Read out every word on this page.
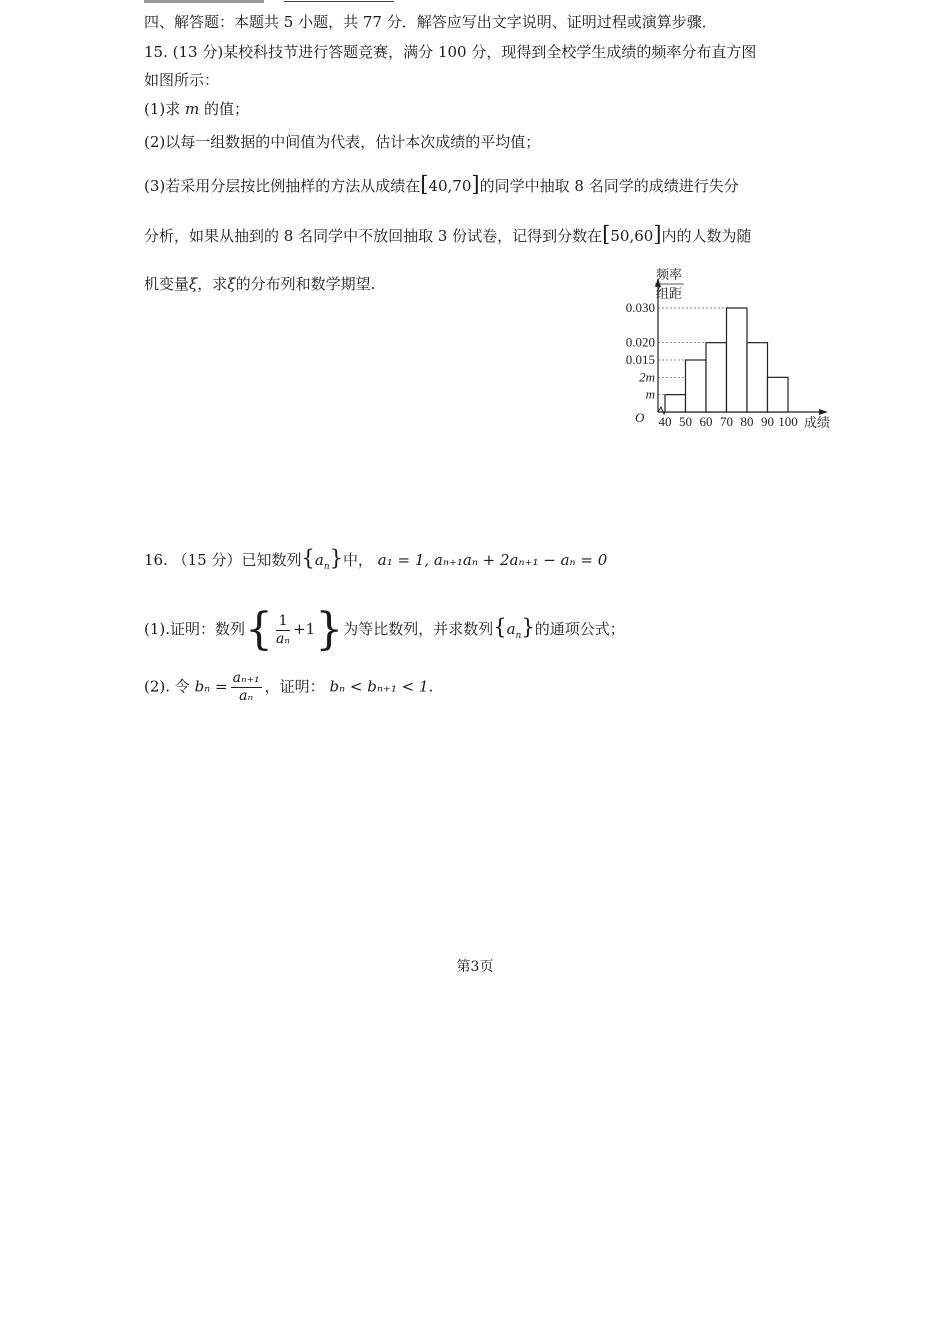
四、解答题：本题共 5 小题，共 77 分．解答应写出文字说明、证明过程或演算步骤．
15. (13 分)某校科技节进行答题竞赛，满分 100 分，现得到全校学生成绩的频率分布直方图
如图所示：
(1)求 m 的值；
(2)以每一组数据的中间值为代表，估计本次成绩的平均值；
(3)若采用分层按比例抽样的方法从成绩在[40,70]的同学中抽取 8 名同学的成绩进行失分
分析，如果从抽到的 8 名同学中不放回抽取 3 份试卷，记得到分数在[50,60]内的人数为随
机变量ξ，求ξ的分布列和数学期望.
频率
组距
O	成绩
0.030
0.020
0.015
2m
m
40 50 60 70 80 90 100
16. （15 分）已知数列$\{a_n\}$中， a₁ = 1, aₙ₊₁aₙ + 2aₙ₊₁ − aₙ = 0
(1).证明：数列{ $\frac{1}{\text{aₙ}} +1$}为等比数列，并求数列$\{a_n\}$的通项公式；
(2). 令 $b_n = \frac{\text{aₙ₊₁}}{\text{aₙ}}$ ，证明： bₙ < bₙ₊₁ < 1.
第3页
